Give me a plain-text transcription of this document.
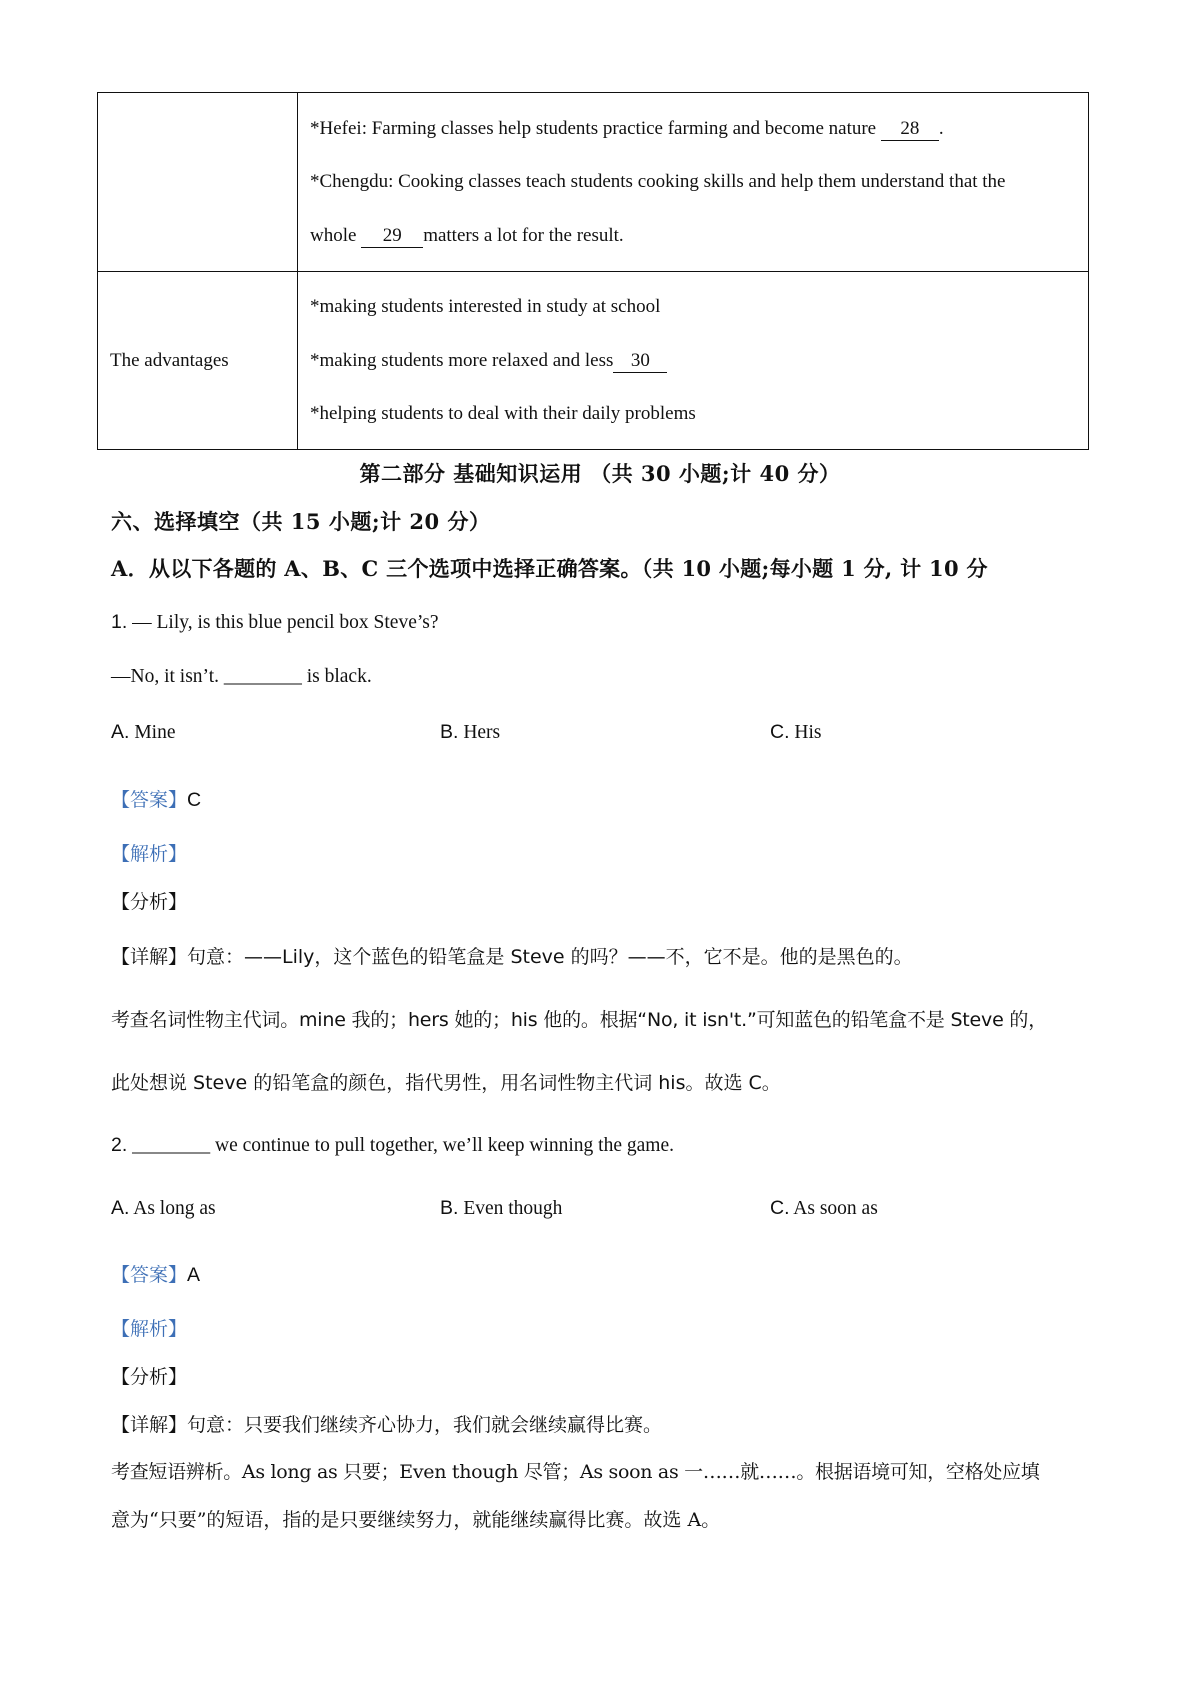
	*Hefei: Farming classes help students practice farming and become nature 28 .
*Chengdu: Cooking classes teach students cooking skills and help them understand that the
whole 29 matters a lot for the result.

The advantages	*making students interested in study at school
*making students more relaxed and less 30
*helping students to deal with their daily problems
第二部分 基础知识运用 （共 30 小题;计 40 分）
六、选择填空（共 15 小题;计 20 分）
A．从以下各题的 A、B、C 三个选项中选择正确答案。（共 10 小题;每小题 1 分, 计 10 分
1. — Lily, is this blue pencil box Steve’s?
—No, it isn’t. ________ is black.
A. Mine	B. Hers	C. His
【答案】C
【解析】
【分析】
【详解】句意：——Lily，这个蓝色的铅笔盒是 Steve 的吗？——不，它不是。他的是黑色的。
考查名词性物主代词。mine 我的；hers 她的；his 他的。根据“No, it isn't.”可知蓝色的铅笔盒不是 Steve 的，
此处想说 Steve 的铅笔盒的颜色，指代男性，用名词性物主代词 his。故选 C。
2. ________ we continue to pull together, we’ll keep winning the game.
A. As long as	B. Even though	C. As soon as
【答案】A
【解析】
【分析】
【详解】句意：只要我们继续齐心协力，我们就会继续赢得比赛。
考查短语辨析。As long as 只要；Even though 尽管；As soon as 一……就……。根据语境可知，空格处应填
意为“只要”的短语，指的是只要继续努力，就能继续赢得比赛。故选 A。
